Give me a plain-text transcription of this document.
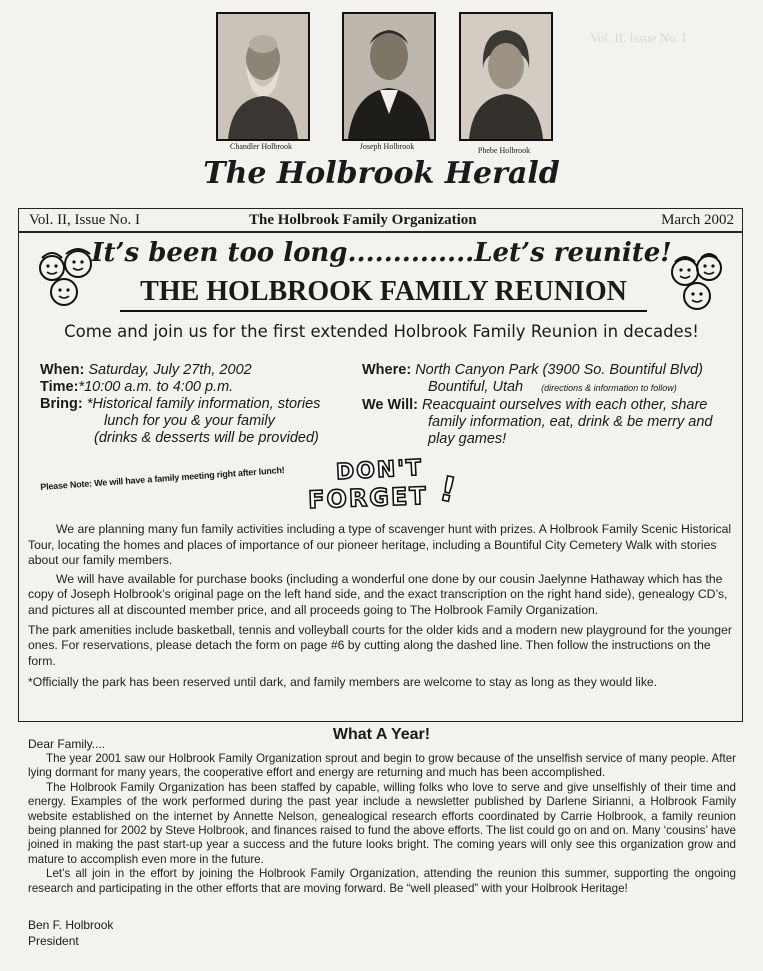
Vol. II, Issue No. I
Chandler Holbrook	Joseph Holbrook	Phebe Holbrook
The Holbrook Herald
Vol. II, Issue No. I	The Holbrook Family Organization	March 2002
It’s been too long..............Let’s reunite!
THE HOLBROOK FAMILY REUNION
Come and join us for the first extended Holbrook Family Reunion in decades!
When: Saturday, July 27th, 2002
Time:*10:00 a.m. to 4:00 p.m.
Bring: *Historical family information, stories
lunch for you & your family
(drinks & desserts will be provided)
Where: North Canyon Park (3900 So. Bountiful Blvd)
Bountiful, Utah (directions & information to follow)
We Will: Reacquaint ourselves with each other, share
family information, eat, drink & be merry and
play games!
Please Note: We will have a family meeting right after lunch! DON'T
FORGET !

We are planning many fun family activities including a type of scavenger hunt with prizes. A Holbrook Family Scenic Historical Tour, locating the homes and places of importance of our pioneer heritage, including a Bountiful City Cemetery Walk with stories about our family members.

We will have available for purchase books (including a wonderful one done by our cousin Jaelynne Hathaway which has the copy of Joseph Holbrook’s original page on the left hand side, and the exact transcription on the right hand side), genealogy CD’s, and pictures all at discounted member price, and all proceeds going to The Holbrook Family Organization.

The park amenities include basketball, tennis and volleyball courts for the older kids and a modern new playground for the younger ones. For reservations, please detach the form on page #6 by cutting along the dashed line. Then follow the instructions on the form.

*Officially the park has been reserved until dark, and family members are welcome to stay as long as they would like.

What A Year!
Dear Family....

The year 2001 saw our Holbrook Family Organization sprout and begin to grow because of the unselfish service of many people. After lying dormant for many years, the cooperative effort and energy are returning and much has been accomplished.

The Holbrook Family Organization has been staffed by capable, willing folks who love to serve and give unselfishly of their time and energy. Examples of the work performed during the past year include a newsletter published by Darlene Sirianni, a Holbrook Family website established on the internet by Annette Nelson, genealogical research efforts coordinated by Carrie Holbrook, a family reunion being planned for 2002 by Steve Holbrook, and finances raised to fund the above efforts. The list could go on and on. Many ‘cousins’ have joined in making the past start-up year a success and the future looks bright. The coming years will only see this organization grow and mature to accomplish even more in the future.

Let’s all join in the effort by joining the Holbrook Family Organization, attending the reunion this summer, supporting the ongoing research and participating in the other efforts that are moving forward. Be “well pleased” with your Holbrook Heritage!

Ben F. Holbrook
President
